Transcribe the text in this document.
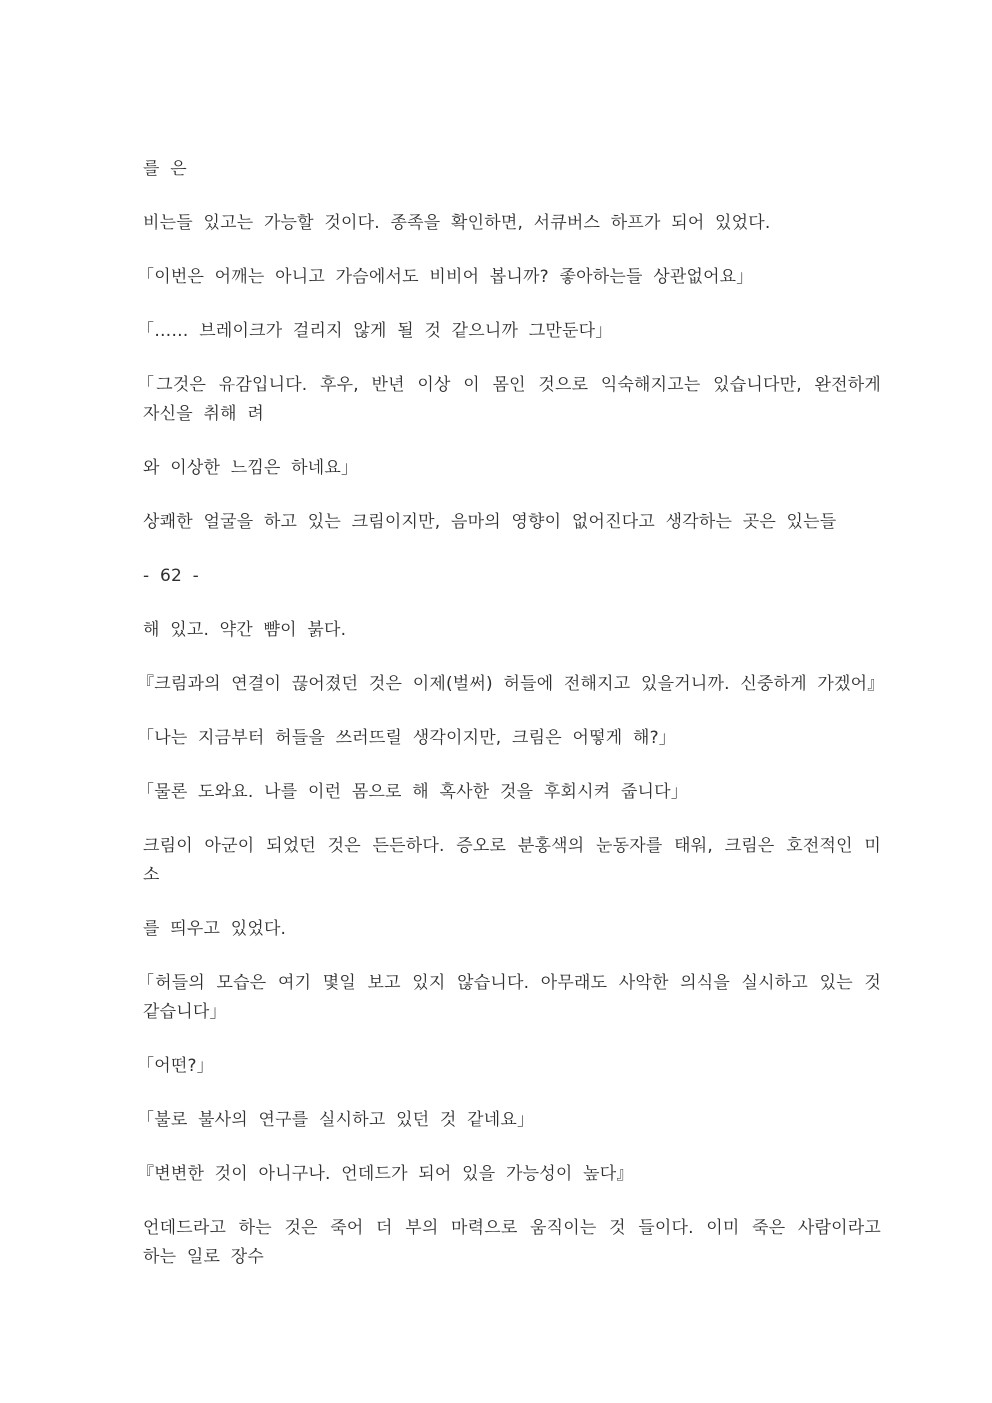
를 은

비는들 있고는 가능할 것이다. 종족을 확인하면, 서큐버스 하프가 되어 있었다.

「이번은 어깨는 아니고 가슴에서도 비비어 봅니까? 좋아하는들 상관없어요」

「…… 브레이크가 걸리지 않게 될 것 같으니까 그만둔다」

「그것은 유감입니다. 후우, 반년 이상 이 몸인 것으로 익숙해지고는 있습니다만, 완전하게 자신을 취해 려

와 이상한 느낌은 하네요」

상쾌한 얼굴을 하고 있는 크림이지만, 음마의 영향이 없어진다고 생각하는 곳은 있는들

- 62 -

해 있고. 약간 뺨이 붉다.

『크림과의 연결이 끊어졌던 것은 이제(벌써) 허들에 전해지고 있을거니까. 신중하게 가겠어』

「나는 지금부터 허들을 쓰러뜨릴 생각이지만, 크림은 어떻게 해?」

「물론 도와요. 나를 이런 몸으로 해 혹사한 것을 후회시켜 줍니다」

크림이 아군이 되었던 것은 든든하다. 증오로 분홍색의 눈동자를 태워, 크림은 호전적인 미소

를 띄우고 있었다.

「허들의 모습은 여기 몇일 보고 있지 않습니다. 아무래도 사악한 의식을 실시하고 있는 것 같습니다」

「어떤?」

「불로 불사의 연구를 실시하고 있던 것 같네요」

『변변한 것이 아니구나. 언데드가 되어 있을 가능성이 높다』

언데드라고 하는 것은 죽어 더 부의 마력으로 움직이는 것 들이다. 이미 죽은 사람이라고 하는 일로 장수
